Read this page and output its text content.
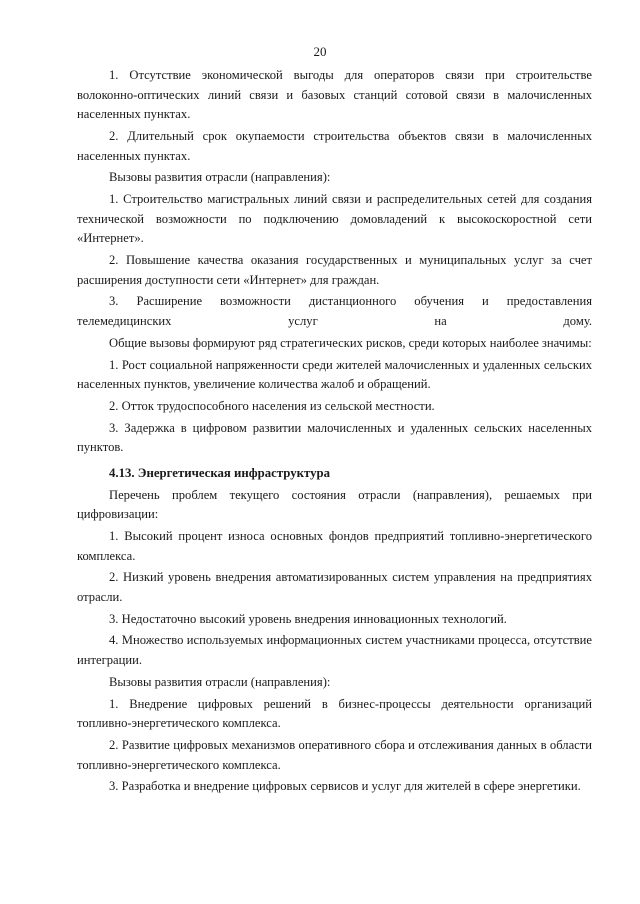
20

1. Отсутствие экономической выгоды для операторов связи при строительстве волоконно-оптических линий связи и базовых станций сотовой связи в малочисленных населенных пунктах.

2. Длительный срок окупаемости строительства объектов связи в малочисленных населенных пунктах.

Вызовы развития отрасли (направления):

1. Строительство магистральных линий связи и распределительных сетей для создания технической возможности по подключению домовладений к высокоскоростной сети «Интернет».

2. Повышение качества оказания государственных и муниципальных услуг за счет расширения доступности сети «Интернет» для граждан.

3. Расширение возможности дистанционного обучения и предоставления телемедицинских услуг на дому.

Общие вызовы формируют ряд стратегических рисков, среди которых наиболее значимы:

1. Рост социальной напряженности среди жителей малочисленных и удаленных сельских населенных пунктов, увеличение количества жалоб и обращений.

2. Отток трудоспособного населения из сельской местности.

3. Задержка в цифровом развитии малочисленных и удаленных сельских населенных пунктов.

4.13. Энергетическая инфраструктура

Перечень проблем текущего состояния отрасли (направления), решаемых при цифровизации:

1. Высокий процент износа основных фондов предприятий топливно-энергетического комплекса.

2. Низкий уровень внедрения автоматизированных систем управления на предприятиях отрасли.

3. Недостаточно высокий уровень внедрения инновационных технологий.

4. Множество используемых информационных систем участниками процесса, отсутствие интеграции.

Вызовы развития отрасли (направления):

1. Внедрение цифровых решений в бизнес-процессы деятельности организаций топливно-энергетического комплекса.

2. Развитие цифровых механизмов оперативного сбора и отслеживания данных в области топливно-энергетического комплекса.

3. Разработка и внедрение цифровых сервисов и услуг для жителей в сфере энергетики.
